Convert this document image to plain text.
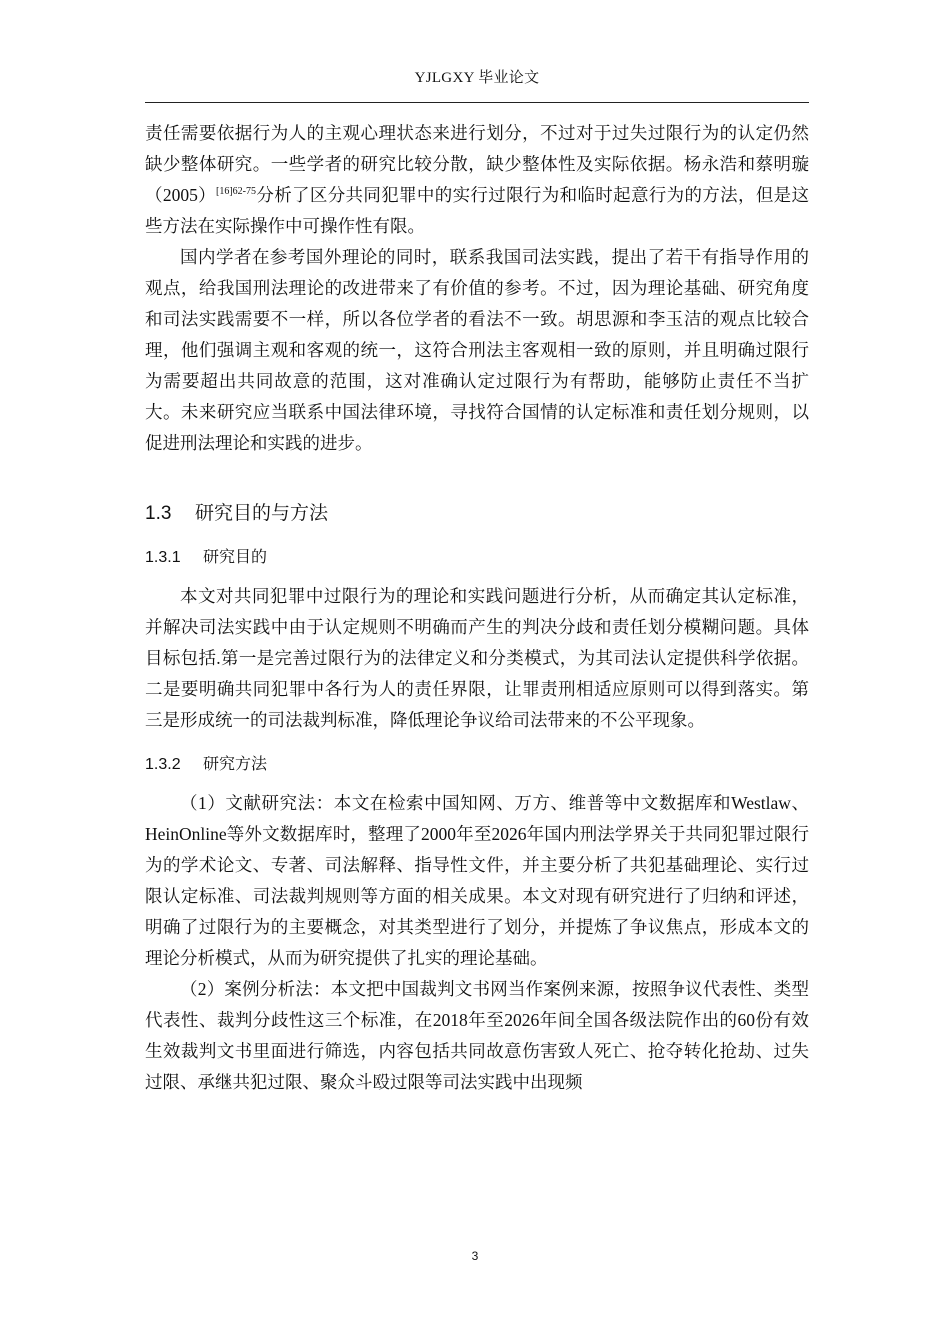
YJLGXY 毕业论文

责任需要依据行为人的主观心理状态来进行划分，不过对于过失过限行为的认定仍然缺少整体研究。一些学者的研究比较分散，缺少整体性及实际依据。杨永浩和蔡明璇（2005）$^{[16]62-75}$分析了区分共同犯罪中的实行过限行为和临时起意行为的方法，但是这些方法在实际操作中可操作性有限。

国内学者在参考国外理论的同时，联系我国司法实践，提出了若干有指导作用的观点，给我国刑法理论的改进带来了有价值的参考。不过，因为理论基础、研究角度和司法实践需要不一样，所以各位学者的看法不一致。胡思源和李玉洁的观点比较合理，他们强调主观和客观的统一，这符合刑法主客观相一致的原则，并且明确过限行为需要超出共同故意的范围，这对准确认定过限行为有帮助，能够防止责任不当扩大。未来研究应当联系中国法律环境，寻找符合国情的认定标准和责任划分规则，以促进刑法理论和实践的进步。

1.3 研究目的与方法
1.3.1 研究目的

本文对共同犯罪中过限行为的理论和实践问题进行分析，从而确定其认定标准，并解决司法实践中由于认定规则不明确而产生的判决分歧和责任划分模糊问题。具体目标包括.第一是完善过限行为的法律定义和分类模式，为其司法认定提供科学依据。二是要明确共同犯罪中各行为人的责任界限，让罪责刑相适应原则可以得到落实。第三是形成统一的司法裁判标准，降低理论争议给司法带来的不公平现象。

1.3.2 研究方法

（1）文献研究法：本文在检索中国知网、万方、维普等中文数据库和Westlaw、HeinOnline等外文数据库时，整理了2000年至2026年国内刑法学界关于共同犯罪过限行为的学术论文、专著、司法解释、指导性文件，并主要分析了共犯基础理论、实行过限认定标准、司法裁判规则等方面的相关成果。本文对现有研究进行了归纳和评述，明确了过限行为的主要概念，对其类型进行了划分，并提炼了争议焦点，形成本文的理论分析模式，从而为研究提供了扎实的理论基础。

（2）案例分析法：本文把中国裁判文书网当作案例来源，按照争议代表性、类型代表性、裁判分歧性这三个标准，在2018年至2026年间全国各级法院作出的60份有效生效裁判文书里面进行筛选，内容包括共同故意伤害致人死亡、抢夺转化抢劫、过失过限、承继共犯过限、聚众斗殴过限等司法实践中出现频

3
